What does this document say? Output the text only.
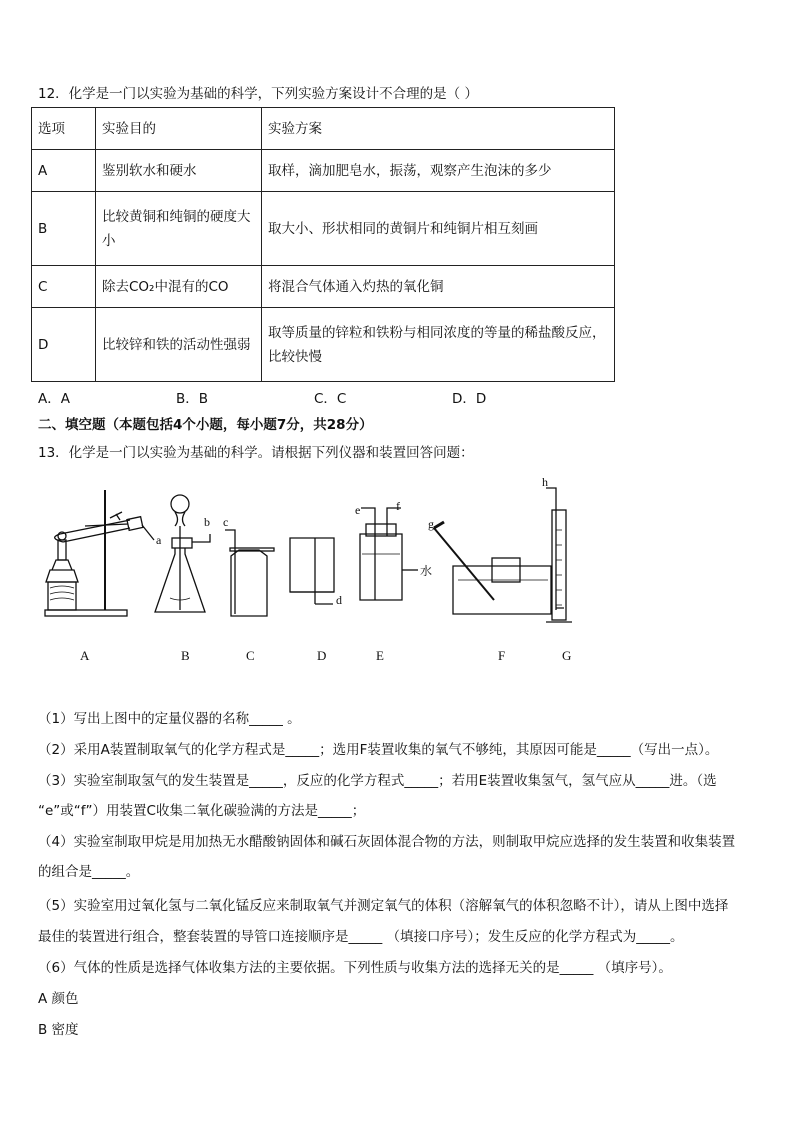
12．化学是一门以实验为基础的科学，下列实验方案设计不合理的是（ ）
选项	实验目的	实验方案
A	鉴别软水和硬水	取样，滴加肥皂水，振荡，观察产生泡沫的多少
B	比较黄铜和纯铜的硬度大小	取大小、形状相同的黄铜片和纯铜片相互刻画
C	除去CO₂中混有的CO	将混合气体通入灼热的氧化铜
D	比较锌和铁的活动性强弱	取等质量的锌粒和铁粉与相同浓度的等量的稀盐酸反应，比较快慢
A．A	B．B	C．C	D．D
二、填空题（本题包括4个小题，每小题7分，共28分）
13．化学是一门以实验为基础的科学。请根据下列仪器和装置回答问题：
a
b c
d
e	f
g
h
水
A	B	C	D	E	F	G
（1）写出上图中的定量仪器的名称_____ 。
（2）采用A装置制取氧气的化学方程式是_____；选用F装置收集的氧气不够纯，其原因可能是_____（写出一点）。
（3）实验室制取氢气的发生装置是_____，反应的化学方程式_____；若用E装置收集氢气，氢气应从_____进。（选
“e”或“f”）用装置C收集二氧化碳验满的方法是_____；
（4）实验室制取甲烷是用加热无水醋酸钠固体和碱石灰固体混合物的方法，则制取甲烷应选择的发生装置和收集装置
的组合是_____。
（5）实验室用过氧化氢与二氧化锰反应来制取氧气并测定氧气的体积（溶解氧气的体积忽略不计），请从上图中选择
最佳的装置进行组合，整套装置的导管口连接顺序是_____ （填接口序号）；发生反应的化学方程式为_____。
（6）气体的性质是选择气体收集方法的主要依据。下列性质与收集方法的选择无关的是_____ （填序号）。
A 颜色
B 密度
